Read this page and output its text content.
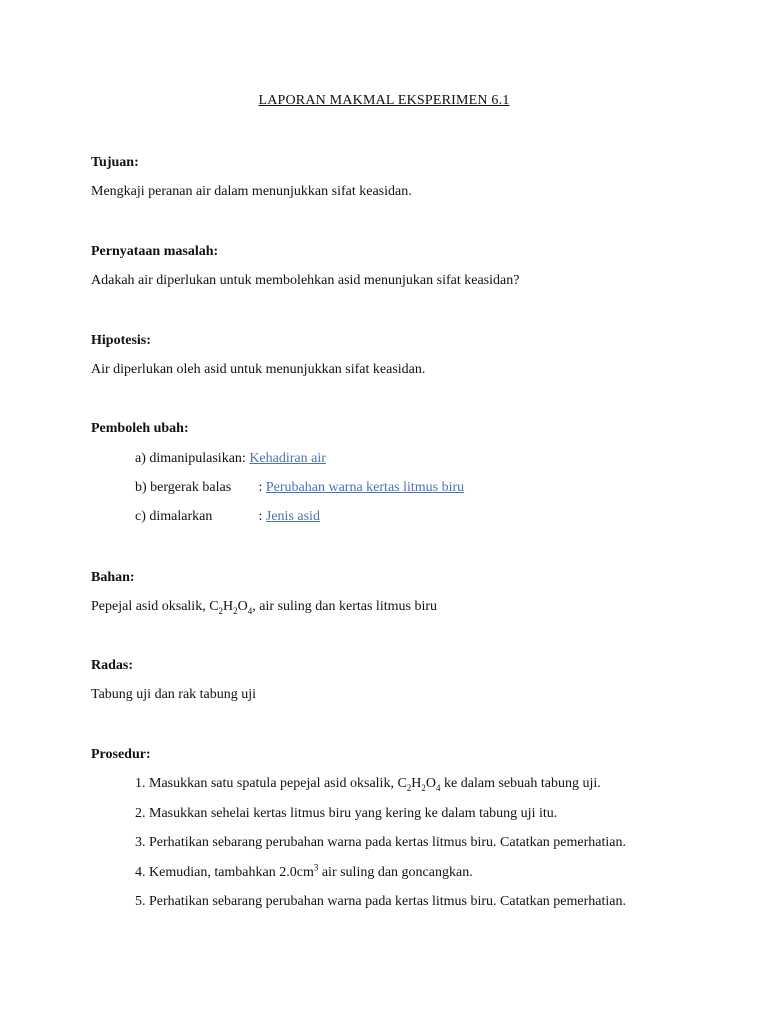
LAPORAN MAKMAL EKSPERIMEN 6.1
Tujuan:
Mengkaji peranan air dalam menunjukkan sifat keasidan.
Pernyataan masalah:
Adakah air diperlukan untuk membolehkan asid menunjukan sifat keasidan?
Hipotesis:
Air diperlukan oleh asid untuk menunjukkan sifat keasidan.
Pemboleh ubah:
a) dimanipulasikan: Kehadiran air
b) bergerak balas : Perubahan warna kertas litmus biru
c) dimalarkan	: Jenis asid
Bahan:
Pepejal asid oksalik, $C_2H_2O_4$, air suling dan kertas litmus biru
Radas:
Tabung uji dan rak tabung uji
Prosedur:
1. Masukkan satu spatula pepejal asid oksalik, $C_2H_2O_4$ ke dalam sebuah tabung uji.
2. Masukkan sehelai kertas litmus biru yang kering ke dalam tabung uji itu.
3. Perhatikan sebarang perubahan warna pada kertas litmus biru. Catatkan pemerhatian.
4. Kemudian, tambahkan $2.0cm^3$ air suling dan goncangkan.
5. Perhatikan sebarang perubahan warna pada kertas litmus biru. Catatkan pemerhatian.
